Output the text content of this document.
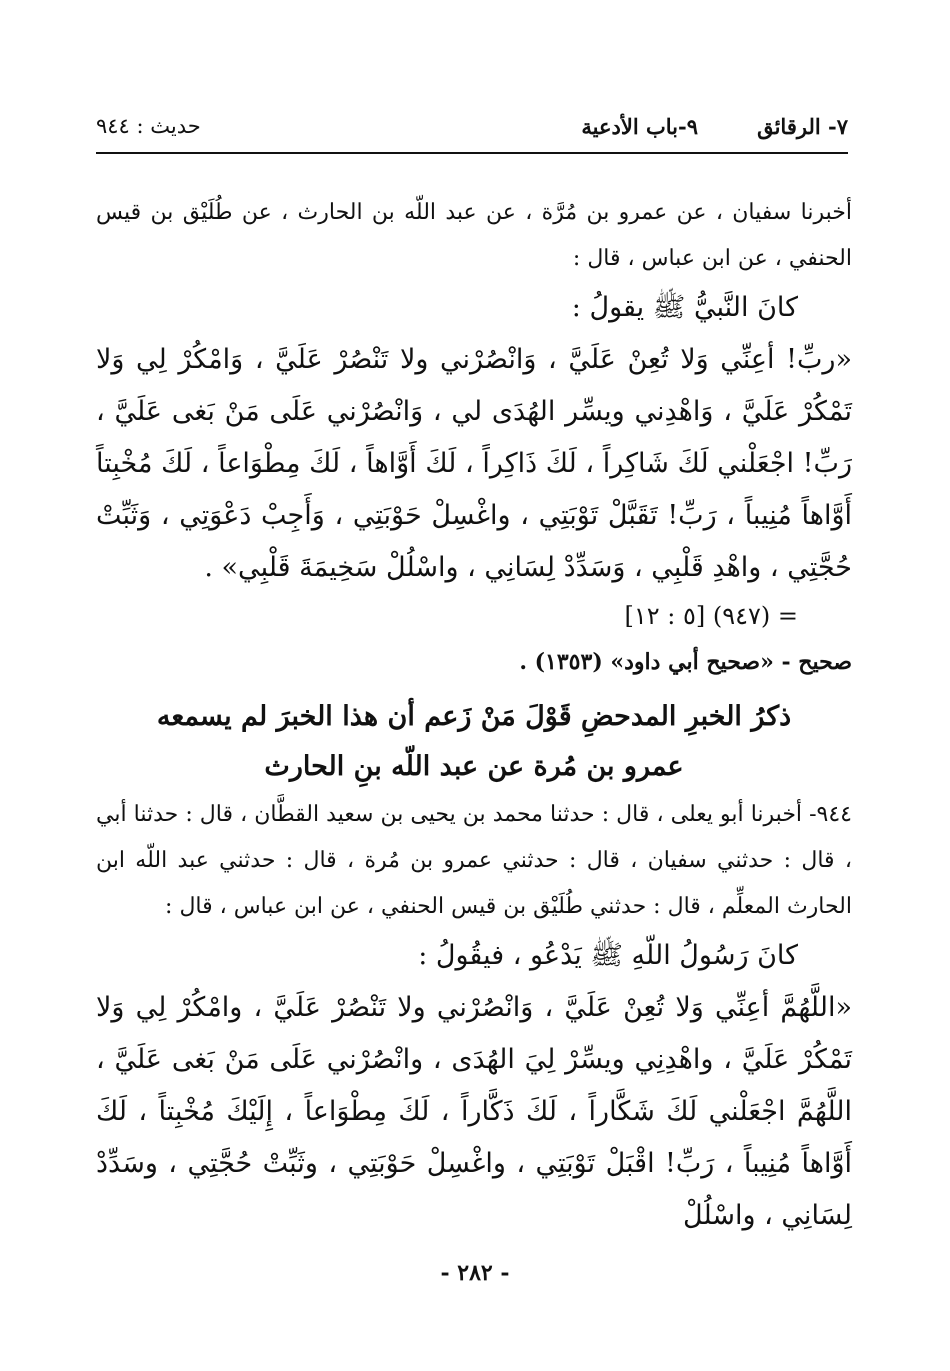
٧- الرقائق
٩-باب الأدعية
حديث : ٩٤٤

أخبرنا سفيان ، عن عمرو بن مُرَّة ، عن عبد اللّه بن الحارث ، عن طُلَيْق بن قيس الحنفي ، عن ابن عباس ، قال :

كانَ النَّبيُّ ﷺ يقولُ :

«ربِّ! أعِنِّي وَلا تُعِنْ عَلَيَّ ، وَانْصُرْني ولا تَنْصُرْ عَلَيَّ ، وَامْكُرْ لِي وَلا تَمْكُرْ عَلَيَّ ، وَاهْدِني ويسِّر الهُدَى لي ، وَانْصُرْني عَلَى مَنْ بَغى عَلَيَّ ، رَبِّ! اجْعَلْني لَكَ شَاكِراً ، لَكَ ذَاكِراً ، لَكَ أَوَّاهاً ، لَكَ مِطْوَاعاً ، لَكَ مُخْبِتاً أَوَّاهاً مُنِيباً ، رَبِّ! تَقَبَّلْ تَوْبَتِي ، واغْسِلْ حَوْبَتِي ، وَأَجِبْ دَعْوَتِي ، وَثَبِّتْ حُجَّتِي ، واهْدِ قَلْبِي ، وَسَدِّدْ لِسَانِي ، واسْلُلْ سَخِيمَةَ قَلْبِي» .

= (٩٤٧) [٥ : ١٢]

صحيح - «صحيح أبي داود» (١٣٥٣) .

ذكرُ الخبرِ المدحضِ قَوْلَ مَنْ زَعم أن هذا الخبرَ لم يسمعه
عمرو بن مُرة عن عبد اللّه بنِ الحارث

٩٤٤- أخبرنا أبو يعلى ، قال : حدثنا محمد بن يحيى بن سعيد القطَّان ، قال : حدثنا أبي ، قال : حدثني سفيان ، قال : حدثني عمرو بن مُرة ، قال : حدثني عبد اللّه ابن الحارث المعلِّم ، قال : حدثني طُلَيْق بن قيس الحنفي ، عن ابن عباس ، قال :

كانَ رَسُولُ اللّهِ ﷺ يَدْعُو ، فيقُولُ :

«اللَّهُمَّ أعِنِّي وَلا تُعِنْ عَلَيَّ ، وَانْصُرْني ولا تَنْصُرْ عَلَيَّ ، وامْكُرْ لِي وَلا تَمْكُرْ عَلَيَّ ، واهْدِنِي ويسِّرْ لِيَ الهُدَى ، وانْصُرْني عَلَى مَنْ بَغى عَلَيَّ ، اللَّهُمَّ اجْعَلْني لَكَ شَكَّاراً ، لَكَ ذَكَّاراً ، لَكَ مِطْوَاعاً ، إِلَيْكَ مُخْبِتاً ، لَكَ أَوَّاهاً مُنِيباً ، رَبِّ! اقْبَلْ تَوْبَتِي ، واغْسِلْ حَوْبَتِي ، وثَبِّتْ حُجَّتِي ، وسَدِّدْ لِسَانِي ، واسْلُلْ

- ٢٨٢ -
